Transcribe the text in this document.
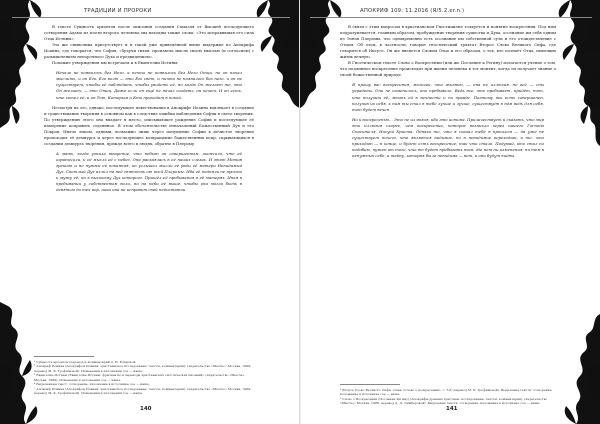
ТРАДИЦИИ И ПРОРОКИ

В тексте Сущность архонтов после описания создания Самаэля от Высшей последующего сотворения Адама из плоти второго человека мы находим также слова: «Это исправившая его сила Отца Истины».

Эта же символика присутствует и в такой уже приведённой выше выдержке из Апокрифа Иоанна, где говорится, что София, «будучи тихая, произвела мысль своею мыслью (и согласием) с размышлением непорочного Духа и предвидением».

Похожие утверждения мы встречаем и в Евангелии Истины:

Начало не появилось без Него, а нечто не появилось без Него Отца, но он начал мыслить, и он Его. Его волю — это Его свет, и ничто не появилось без него, и он не существует, чтобы её наблюдать, чтобы увидеть её, но когда Он желает то, что Он желает, — это Отец. Даже если он ещё не начал создать, он хочет. И он есть, кто хотел её, и он Тот, Которым и Кто приходит в покой.

Несмотря на это, однако, последующее повествование в Апокрифе Иоанна вовлекает в создание и существование творения в основном как в следствие ошибки наблюдения Софии в свете творения. По утверждению этого она впадает в место, описывающее рождение Софии и последующее её намерение исправить содеянное. В этом обстоятельстве изначальный Божественный Дух и его Покров. Иначе лицом, одними, возможно лишь через попущение Софии в нечистое творение происходит её демиурга и через последующее возвращение божественных искр, скрывающихся в создании демиурга творения, прежде всего в людях, обратно в Плерому.

А мать, когда узнала творение, что небыт он совершенным, окончила, что её ограничили, и её мысль её с небес. Она раскаялась в её наших слезах. И этот Мотив грешат и не нужны её покаяния, он услышал мысли её ради её матери Невидимый Дух. Светлый Дух излил на неё святость от всей Плеромы. Иба её подняла не просто к мужу её, но к высокому Дух которого. Пришёл её пребывания в её матерях. Иная в пребывании у собственным воли, но на небо её выше, чтобы она могла быть в девятом до тех пор, пока она не исправит свой недостаток.

¹ Сущность архонтов (перевод и комментарий А. И. Еланской.
² Апокриф Иоанна (Апокрифон Иоанна: христианское исследование, тексты, комментарии). (издательство «Мысль», Москва, 1989, перевод М. К. Трофимовой). Изменения в изложении сое — наше.
³ Евангелие Истины (Евангелие Истины: фрагменты и переводы христианских гностических писаний). (издательство «Мысль», Москва, 1989). Изменения в изложении сое — наше.
⁴ Выделенные текст: сотворение, изложение в источнике сое — наше.
⁵ Апокриф Иоанна (Апокрифон Иоанна: христианское исследование, тексты, комментарии). (издательство «Мысль», Москва, 1989, перевод М. К. Трофимовой). Изменения в изложении сое — наше.
140
АПОКРИФ 109: 11.2016 (Я/5.2.er.n.)

В связи с этим вопросом в христианском Гностицизме толкуется и понятие воскресения. Под ним подразумевается, главным образом, пробуждение творения существа и Духа, осознание им себя одним из Эонов Плеромы, что одновременно есть осознание им собственной сути и его отождествление с Отцом. Об этом, в частности, говорит гностический трактат Второе Слово Великого Сифа, где говорится об Иисусе. Он же является Словом Отца и его образом, о тех, кто познаёт Отца, имеющих жизнь вечную.

В Гностическом тексте Слово о Воскресении (или же Послание к Регину) излагается учение о том, что подлинное воскресение происходит при жизни человека в тот момент, когда он получает знание о своей божественной природе.

Я прошу вас воскресения, мальчик, что жизнью, — она не иллюзия, но всё — сны украдены. Оно не изменилось, оно пребывало. Ведь все, что пребывает, придёт, тот, кто получит её, жизнь ей в вечности и по правде. Поэтому ты есть совершенен, получив из себя, к ним ты стал в тебе лучше и лучше, существует в нём ведь для себя, тот будет вечен.

Но к воскресенью... Это не иллюзия, ибо это истина. Приличествует и сказать, что мир это иллюзия скорее, чем воскресение, которое возникло через нашего Господа Спасителя, Иисуса Христа. Однако то, что я сказал тебе в прошлом — да уже не существует ничего, что является видимое, но в невидимое переходит, а то, что приходит — в конце, и будет есть воскресение, так что стало. Подумай, кто стал по подобию, нужен от того, что то будет пребывать там, где нет ни изменения, ни тем в ненужных себе, и тайну, которая была невидима — вот, и они будут видны.

¹ Второе Слово Великого Сифа, глава «Слово о воскресении», с. 5-6 (перевод М. К. Трофимовой). Выделение текста: сотворение, изложение в источнике сое — наше.
² Слово о Воскресении (Послание Регину) (Апокрифы древних христиан: исследование, тексты, комментарии). (издательство «Мысль», Москва, 1989, перевод Д. Д. Лимберовой). Выделение текста: сотворение, изложение в источнике сое — наше.
141
